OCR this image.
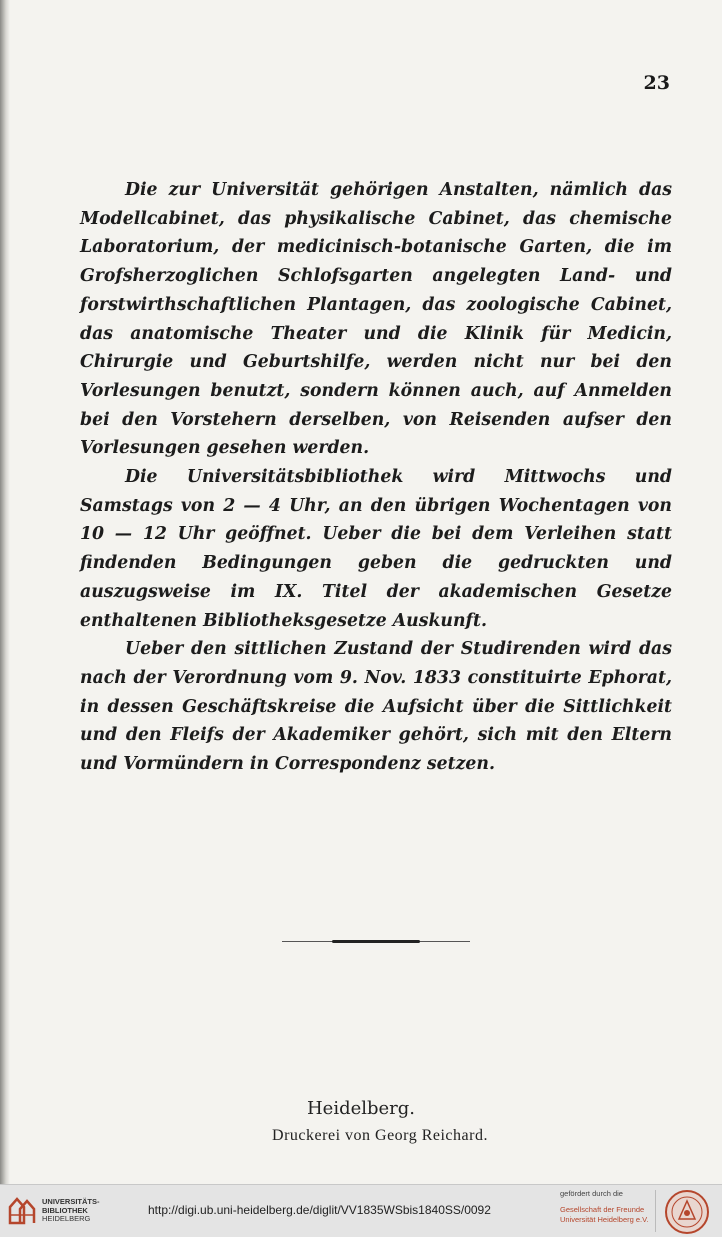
23

Die zur Universität gehörigen Anstalten, nämlich das Modellcabinet, das physikalische Cabinet, das chemische Laboratorium, der medicinisch-botanische Garten, die im Grofsherzoglichen Schlofsgarten angelegten Land- und forstwirthschaftlichen Plantagen, das zoologische Cabinet, das anatomische Theater und die Klinik für Medicin, Chirurgie und Geburtshilfe, werden nicht nur bei den Vorlesungen benutzt, sondern können auch, auf Anmelden bei den Vorstehern derselben, von Reisenden aufser den Vorlesungen gesehen werden.

Die Universitätsbibliothek wird Mittwochs und Samstags von 2 — 4 Uhr, an den übrigen Wochentagen von 10 — 12 Uhr geöffnet. Ueber die bei dem Verleihen statt findenden Bedingungen geben die gedruckten und auszugsweise im IX. Titel der akademischen Gesetze enthaltenen Bibliotheksgesetze Auskunft.

Ueber den sittlichen Zustand der Studirenden wird das nach der Verordnung vom 9. Nov. 1833 constituirte Ephorat, in dessen Geschäftskreise die Aufsicht über die Sittlichkeit und den Fleifs der Akademiker gehört, sich mit den Eltern und Vormündern in Correspondenz setzen.

Heidelberg.
Druckerei von Georg Reichard.
UNIVERSITÄTS-
BIBLIOTHEK
HEIDELBERG
http://digi.ub.uni-heidelberg.de/diglit/VV1835WSbis1840SS/0092
gefördert durch die
Gesellschaft der Freunde
Universität Heidelberg e.V.
